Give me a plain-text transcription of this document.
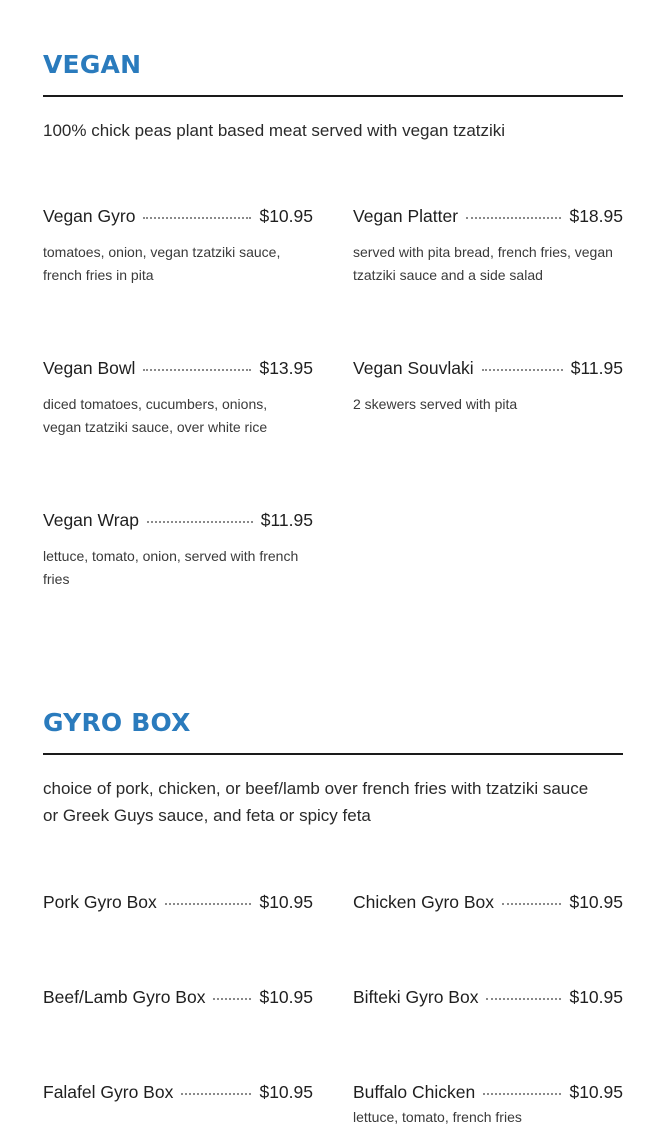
VEGAN

100% chick peas plant based meat served with vegan tzatziki

Vegan Gyro	$10.95
tomatoes, onion, vegan tzatziki sauce, french fries in pita
Vegan Platter	$18.95
served with pita bread, french fries, vegan tzatziki sauce and a side salad
Vegan Bowl	$13.95
diced tomatoes, cucumbers, onions, vegan tzatziki sauce, over white rice
Vegan Souvlaki	$11.95
2 skewers served with pita
Vegan Wrap	$11.95
lettuce, tomato, onion, served with french fries
GYRO BOX

choice of pork, chicken, or beef/lamb over french fries with tzatziki sauce or Greek Guys sauce, and feta or spicy feta

Pork Gyro Box	$10.95 Chicken Gyro Box	$10.95
Beef/Lamb Gyro Box	$10.95 Bifteki Gyro Box	$10.95
Falafel Gyro Box	$10.95 Buffalo Chicken	$10.95
lettuce, tomato, french fries
